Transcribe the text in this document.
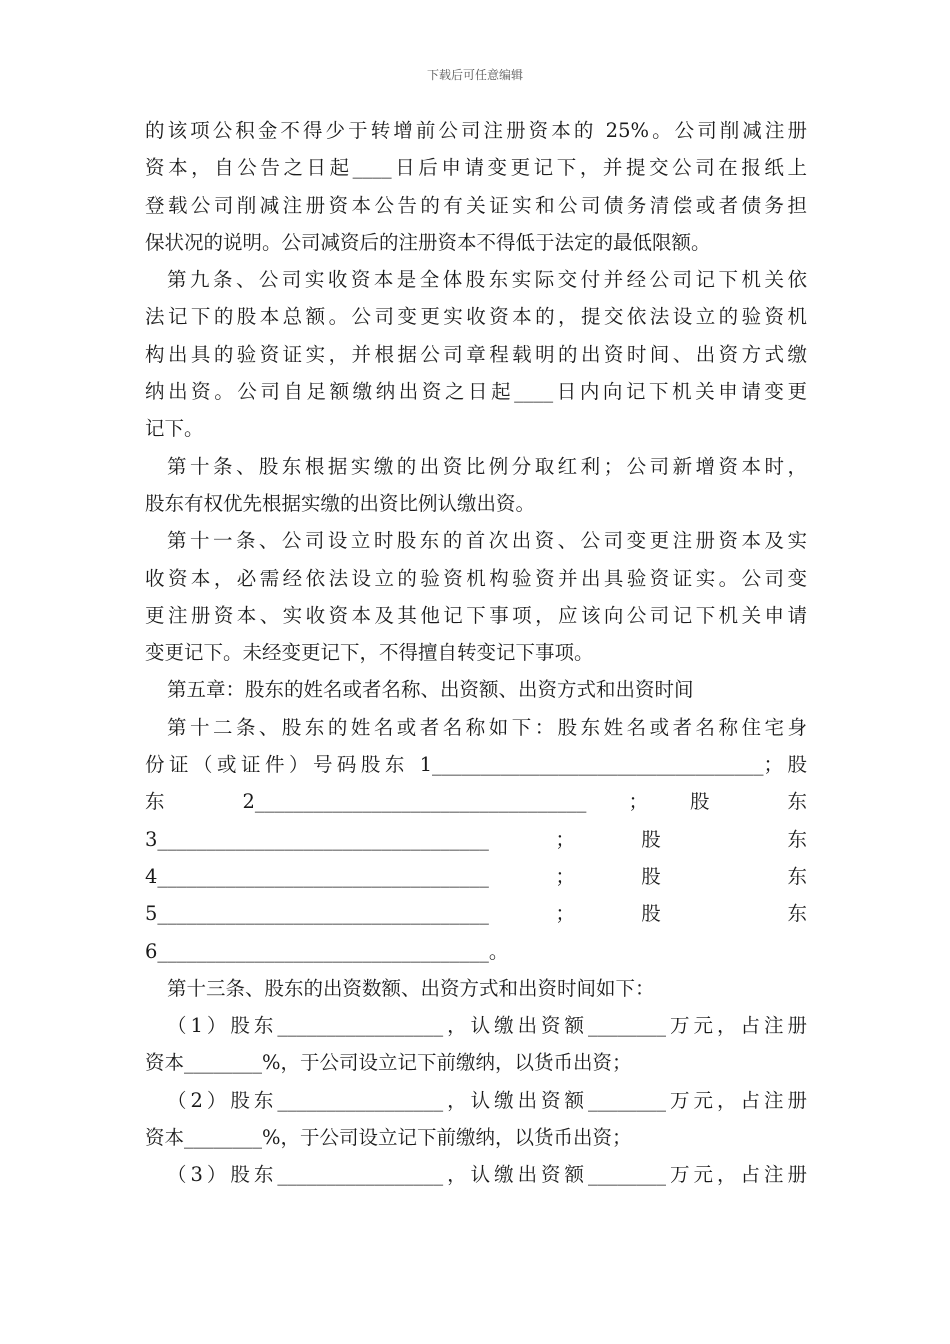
下载后可任意编辑
的该项公积金不得少于转增前公司注册资本的 25%。公司削减注册
资本，自公告之日起____日后申请变更记下，并提交公司在报纸上
登载公司削减注册资本公告的有关证实和公司债务清偿或者债务担
保状况的说明。公司减资后的注册资本不得低于法定的最低限额。
第九条、公司实收资本是全体股东实际交付并经公司记下机关依
法记下的股本总额。公司变更实收资本的，提交依法设立的验资机
构出具的验资证实，并根据公司章程载明的出资时间、出资方式缴
纳出资。公司自足额缴纳出资之日起____日内向记下机关申请变更
记下。
第十条、股东根据实缴的出资比例分取红利；公司新增资本时，
股东有权优先根据实缴的出资比例认缴出资。
第十一条、公司设立时股东的首次出资、公司变更注册资本及实
收资本，必需经依法设立的验资机构验资并出具验资证实。公司变
更注册资本、实收资本及其他记下事项，应该向公司记下机关申请
变更记下。未经变更记下，不得擅自转变记下事项。
第五章：股东的姓名或者名称、出资额、出资方式和出资时间
第十二条、股东的姓名或者名称如下：股东姓名或者名称住宅身
份证（或证件）号码股东 1__________________________________；股
东 2__________________________________ ； 股 东
3__________________________________ ； 股 东
4__________________________________ ； 股 东
5__________________________________ ； 股 东
6__________________________________。
第十三条、股东的出资数额、出资方式和出资时间如下：
（1）股东_________________，认缴出资额________万元，占注册
资本________%，于公司设立记下前缴纳，以货币出资；
（2）股东_________________，认缴出资额________万元，占注册
资本________%，于公司设立记下前缴纳，以货币出资；
（3）股东_________________，认缴出资额________万元，占注册
